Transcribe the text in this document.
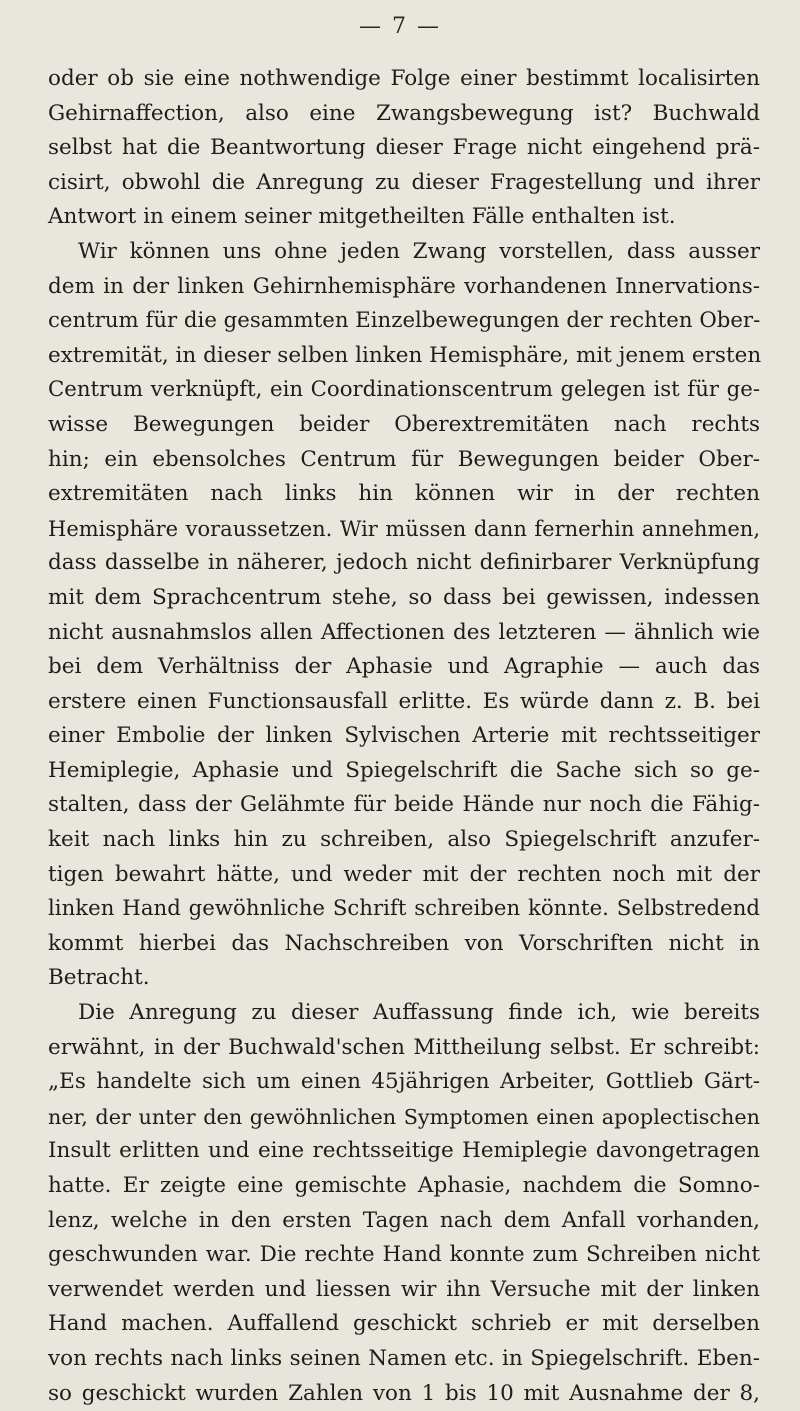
— 7 —
oder ob sie eine nothwendige Folge einer bestimmt localisirten
Gehirnaffection, also eine Zwangsbewegung ist? Buchwald
selbst hat die Beantwortung dieser Frage nicht eingehend prä-
cisirt, obwohl die Anregung zu dieser Fragestellung und ihrer
Antwort in einem seiner mitgetheilten Fälle enthalten ist.
Wir können uns ohne jeden Zwang vorstellen, dass ausser
dem in der linken Gehirnhemisphäre vorhandenen Innervations-
centrum für die gesammten Einzelbewegungen der rechten Ober-
extremität, in dieser selben linken Hemisphäre, mit jenem ersten
Centrum verknüpft, ein Coordinationscentrum gelegen ist für ge-
wisse Bewegungen beider Oberextremitäten nach rechts
hin; ein ebensolches Centrum für Bewegungen beider Ober-
extremitäten nach links hin können wir in der rechten
Hemisphäre voraussetzen. Wir müssen dann fernerhin annehmen,
dass dasselbe in näherer, jedoch nicht definirbarer Verknüpfung
mit dem Sprachcentrum stehe, so dass bei gewissen, indessen
nicht ausnahmslos allen Affectionen des letzteren — ähnlich wie
bei dem Verhältniss der Aphasie und Agraphie — auch das
erstere einen Functionsausfall erlitte. Es würde dann z. B. bei
einer Embolie der linken Sylvischen Arterie mit rechtsseitiger
Hemiplegie, Aphasie und Spiegelschrift die Sache sich so ge-
stalten, dass der Gelähmte für beide Hände nur noch die Fähig-
keit nach links hin zu schreiben, also Spiegelschrift anzufer-
tigen bewahrt hätte, und weder mit der rechten noch mit der
linken Hand gewöhnliche Schrift schreiben könnte. Selbstredend
kommt hierbei das Nachschreiben von Vorschriften nicht in
Betracht.
Die Anregung zu dieser Auffassung finde ich, wie bereits
erwähnt, in der Buchwald'schen Mittheilung selbst. Er schreibt:
„Es handelte sich um einen 45jährigen Arbeiter, Gottlieb Gärt-
ner, der unter den gewöhnlichen Symptomen einen apoplectischen
Insult erlitten und eine rechtsseitige Hemiplegie davongetragen
hatte. Er zeigte eine gemischte Aphasie, nachdem die Somno-
lenz, welche in den ersten Tagen nach dem Anfall vorhanden,
geschwunden war. Die rechte Hand konnte zum Schreiben nicht
verwendet werden und liessen wir ihn Versuche mit der linken
Hand machen. Auffallend geschickt schrieb er mit derselben
von rechts nach links seinen Namen etc. in Spiegelschrift. Eben-
so geschickt wurden Zahlen von 1 bis 10 mit Ausnahme der 8,
